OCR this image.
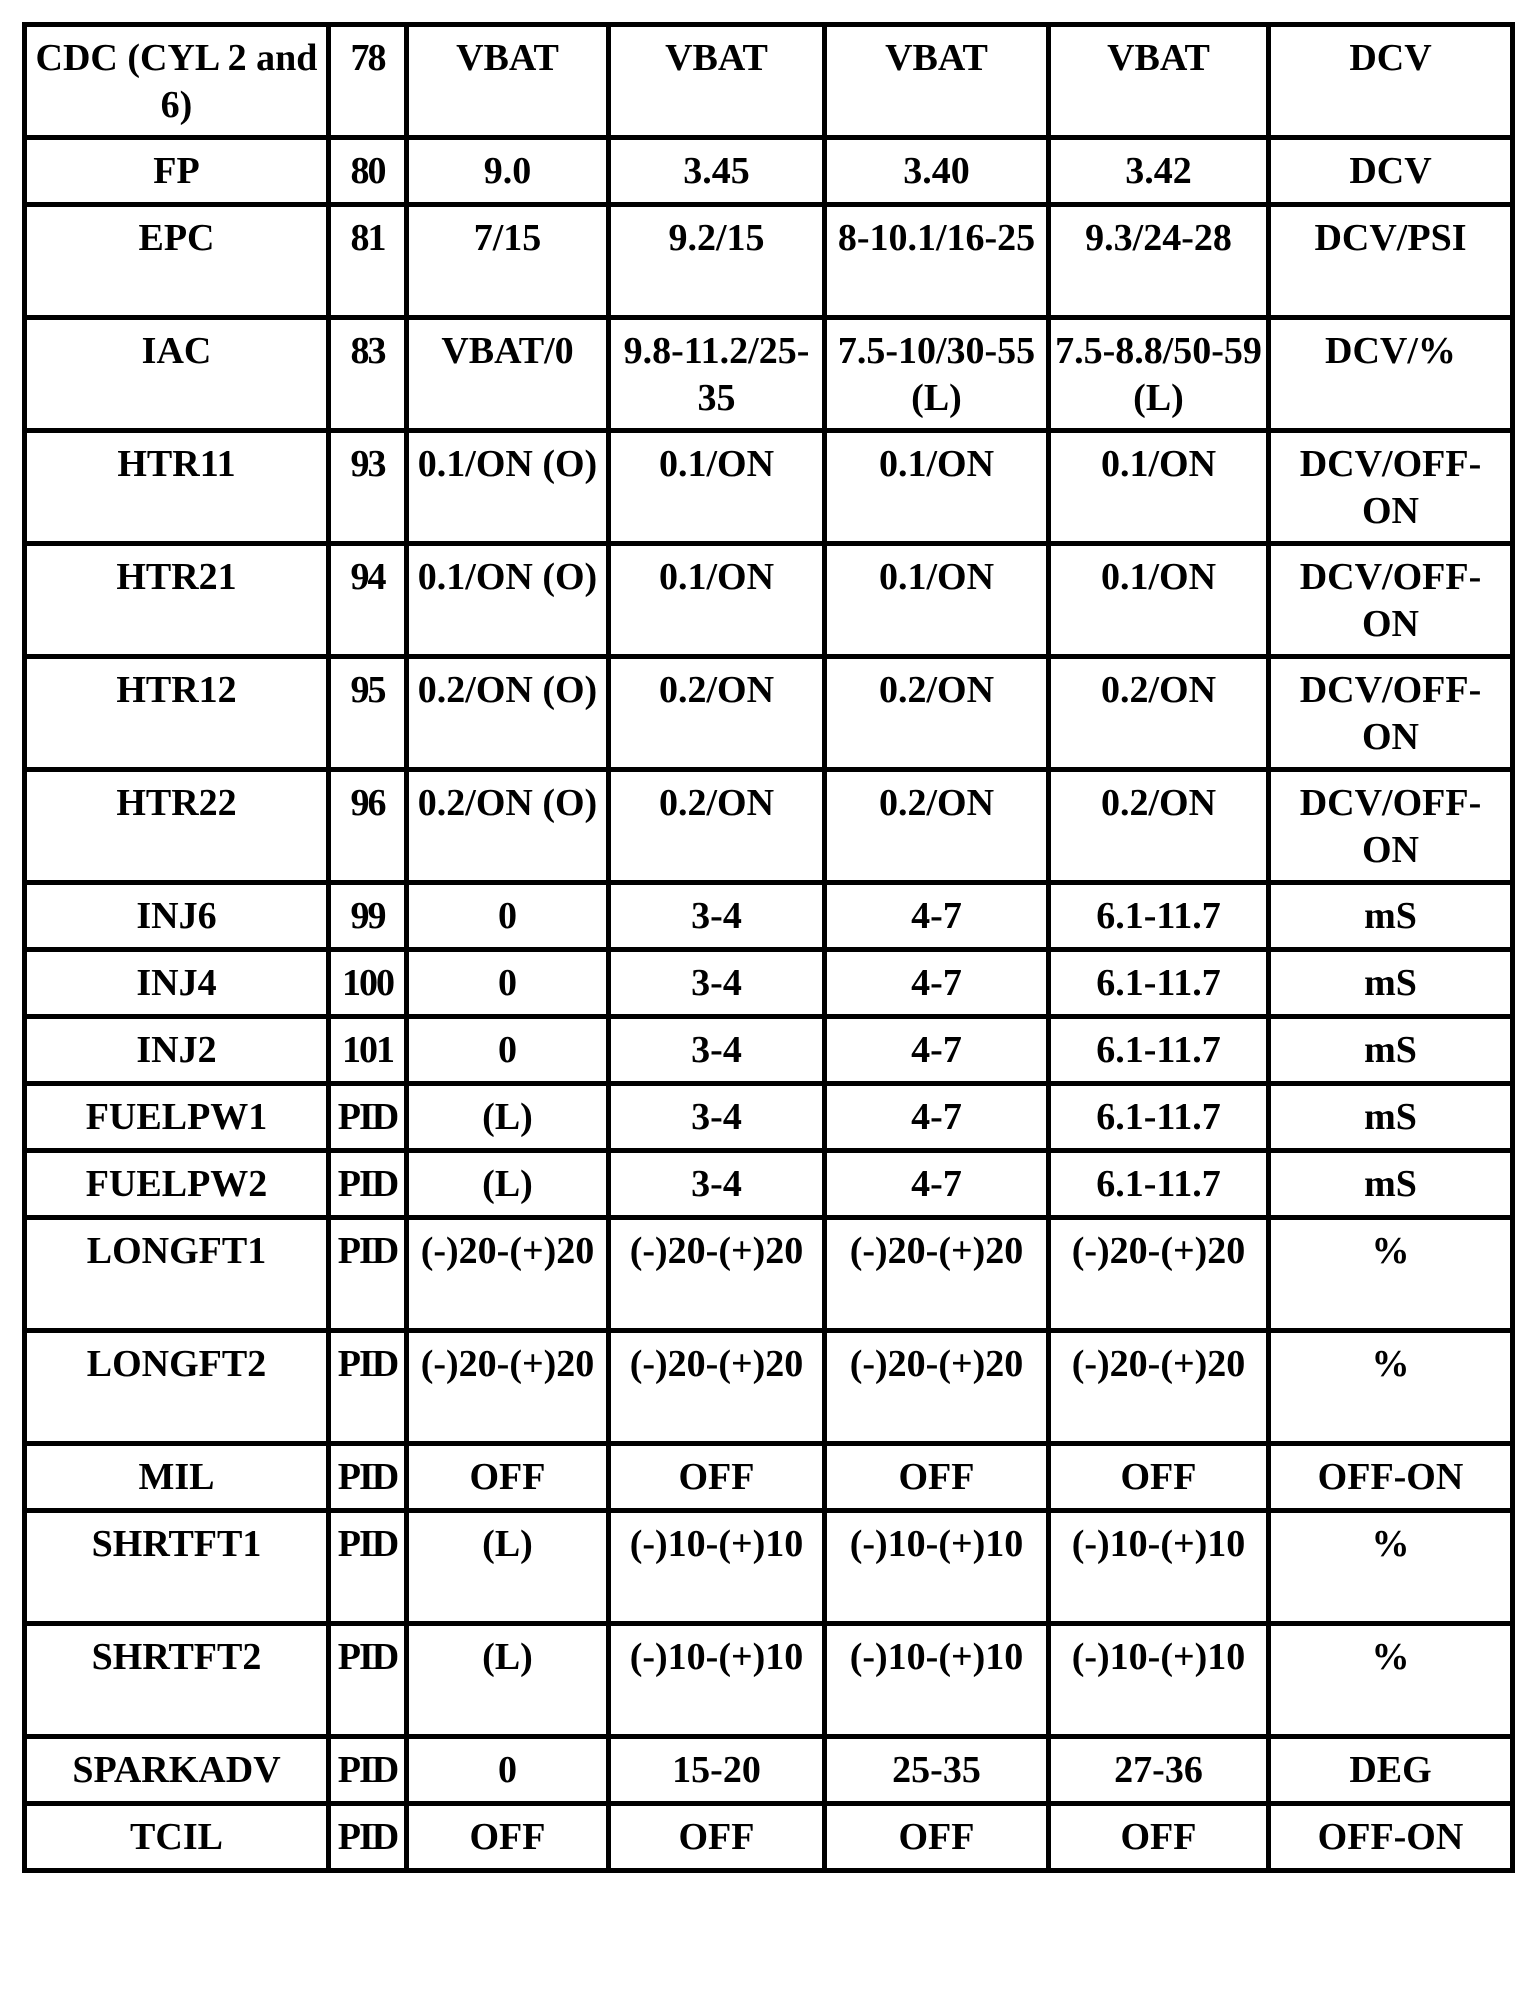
CDC (CYL 2 and 6)	78	VBAT	VBAT	VBAT	VBAT	DCV
FP	80	9.0	3.45	3.40	3.42	DCV
EPC	81	7/15	9.2/15	8-10.1/16-25	9.3/24-28	DCV/PSI
IAC	83	VBAT/0	9.8-11.2/25-35	7.5-10/30-55 (L)	7.5-8.8/50-59 (L)	DCV/%
HTR11	93	0.1/ON (O)	0.1/ON	0.1/ON	0.1/ON	DCV/OFF-ON
HTR21	94	0.1/ON (O)	0.1/ON	0.1/ON	0.1/ON	DCV/OFF-ON
HTR12	95	0.2/ON (O)	0.2/ON	0.2/ON	0.2/ON	DCV/OFF-ON
HTR22	96	0.2/ON (O)	0.2/ON	0.2/ON	0.2/ON	DCV/OFF-ON
INJ6	99	0	3-4	4-7	6.1-11.7	mS
INJ4	100	0	3-4	4-7	6.1-11.7	mS
INJ2	101	0	3-4	4-7	6.1-11.7	mS
FUELPW1	PID	(L)	3-4	4-7	6.1-11.7	mS
FUELPW2	PID	(L)	3-4	4-7	6.1-11.7	mS
LONGFT1	PID	(-)20-(+)20	(-)20-(+)20	(-)20-(+)20	(-)20-(+)20	%
LONGFT2	PID	(-)20-(+)20	(-)20-(+)20	(-)20-(+)20	(-)20-(+)20	%
MIL	PID	OFF	OFF	OFF	OFF	OFF-ON
SHRTFT1	PID	(L)	(-)10-(+)10	(-)10-(+)10	(-)10-(+)10	%
SHRTFT2	PID	(L)	(-)10-(+)10	(-)10-(+)10	(-)10-(+)10	%
SPARKADV	PID	0	15-20	25-35	27-36	DEG
TCIL	PID	OFF	OFF	OFF	OFF	OFF-ON
